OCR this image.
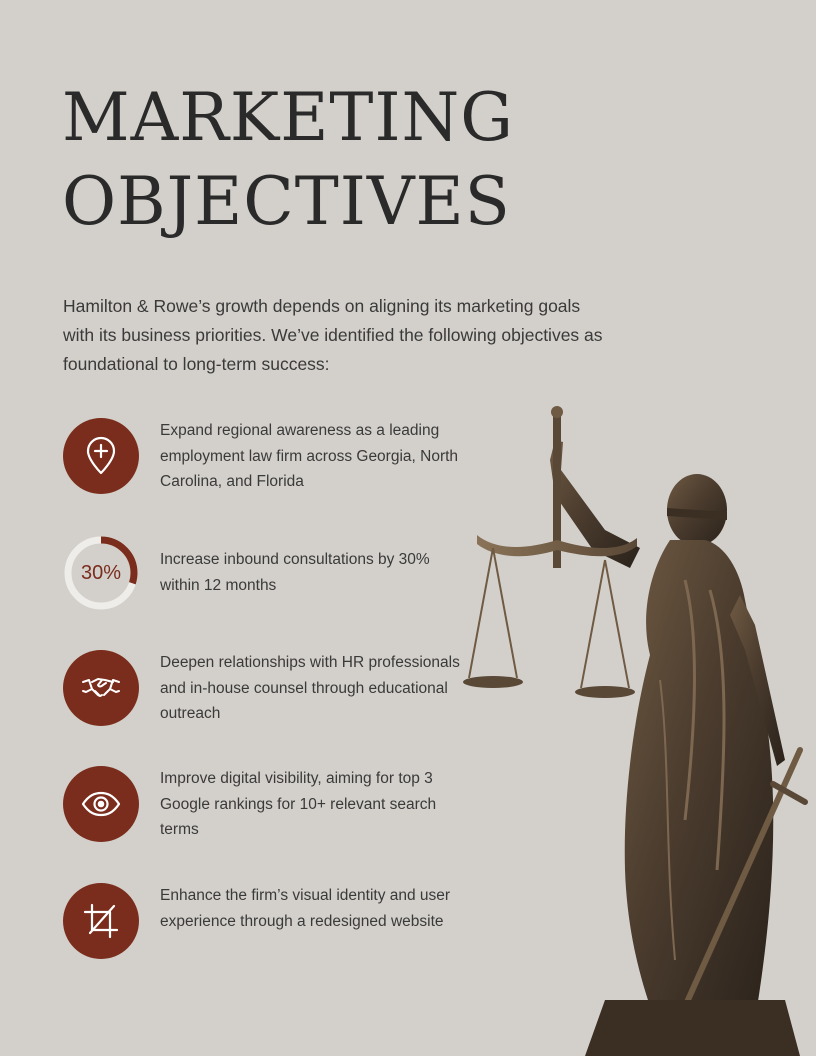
MARKETING
OBJECTIVES

Hamilton & Rowe’s growth depends on aligning its marketing goals with its business priorities. We’ve identified the following objectives as foundational to long-term success:

Expand regional awareness as a leading employment law firm across Georgia, North Carolina, and Florida

30%

Increase inbound consultations by 30% within 12 months

Deepen relationships with HR professionals and in-house counsel through educational outreach

Improve digital visibility, aiming for top 3 Google rankings for 10+ relevant search terms

Enhance the firm’s visual identity and user experience through a redesigned website
